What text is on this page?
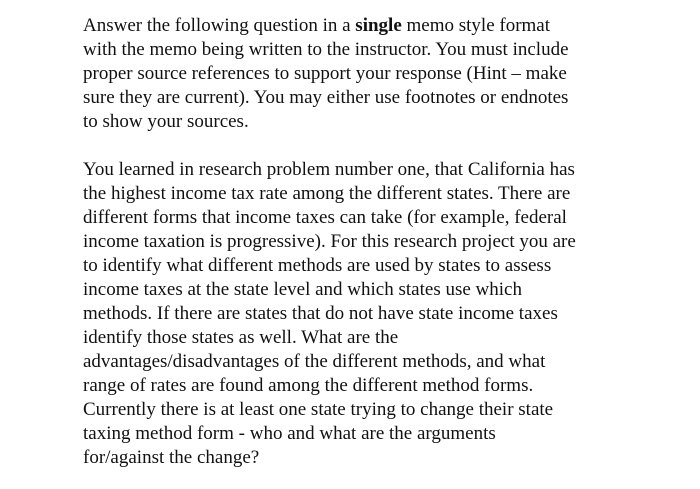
Answer the following question in a single memo style format
with the memo being written to the instructor. You must include
proper source references to support your response (Hint – make
sure they are current). You may either use footnotes or endnotes
to show your sources.

You learned in research problem number one, that California has
the highest income tax rate among the different states. There are
different forms that income taxes can take (for example, federal
income taxation is progressive). For this research project you are
to identify what different methods are used by states to assess
income taxes at the state level and which states use which
methods. If there are states that do not have state income taxes
identify those states as well. What are the
advantages/disadvantages of the different methods, and what
range of rates are found among the different method forms.
Currently there is at least one state trying to change their state
taxing method form - who and what are the arguments
for/against the change?
